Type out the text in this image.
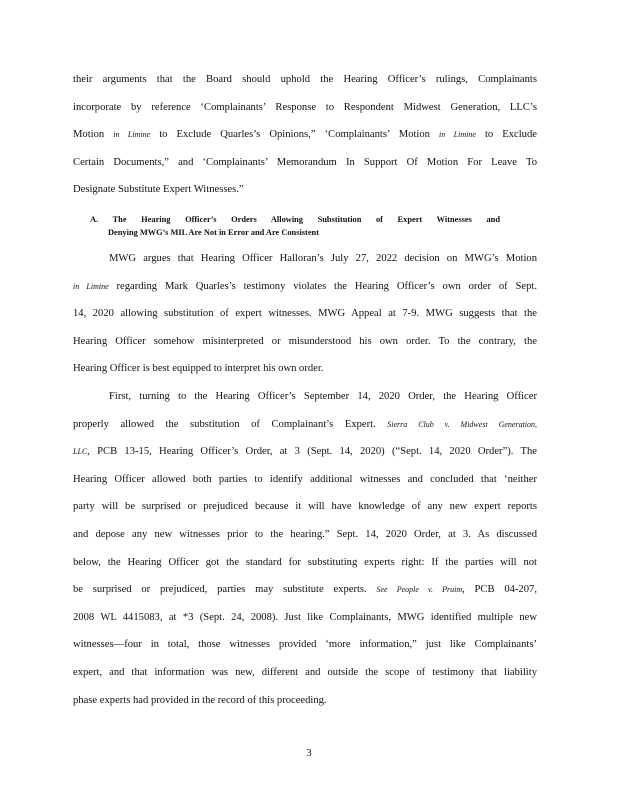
their arguments that the Board should uphold the Hearing Officer’s rulings, Complainants
incorporate by reference ‘Complainants’ Response to Respondent Midwest Generation, LLC’s
Motion in Limine to Exclude Quarles’s Opinions,” ‘Complainants’ Motion in Limine to Exclude
Certain Documents,” and ‘Complainants’ Memorandum In Support Of Motion For Leave To
Designate Substitute Expert Witnesses.”
A. The Hearing Officer’s Orders Allowing Substitution of Expert Witnesses and
Denying MWG’s MIL Are Not in Error and Are Consistent
MWG argues that Hearing Officer Halloran’s July 27, 2022 decision on MWG’s Motion
in Limine regarding Mark Quarles’s testimony violates the Hearing Officer’s own order of Sept.
14, 2020 allowing substitution of expert witnesses. MWG Appeal at 7-9. MWG suggests that the
Hearing Officer somehow misinterpreted or misunderstood his own order. To the contrary, the
Hearing Officer is best equipped to interpret his own order.
First, turning to the Hearing Officer’s September 14, 2020 Order, the Hearing Officer
properly allowed the substitution of Complainant’s Expert. Sierra Club v. Midwest Generation,
LLC, PCB 13-15, Hearing Officer’s Order, at 3 (Sept. 14, 2020) (“Sept. 14, 2020 Order”). The
Hearing Officer allowed both parties to identify additional witnesses and concluded that ‘neither
party will be surprised or prejudiced because it will have knowledge of any new expert reports
and depose any new witnesses prior to the hearing.” Sept. 14, 2020 Order, at 3. As discussed
below, the Hearing Officer got the standard for substituting experts right: If the parties will not
be surprised or prejudiced, parties may substitute experts. See People v. Pruim, PCB 04-207,
2008 WL 4415083, at *3 (Sept. 24, 2008). Just like Complainants, MWG identified multiple new
witnesses—four in total, those witnesses provided ‘more information,” just like Complainants’
expert, and that information was new, different and outside the scope of testimony that liability
phase experts had provided in the record of this proceeding.
3
